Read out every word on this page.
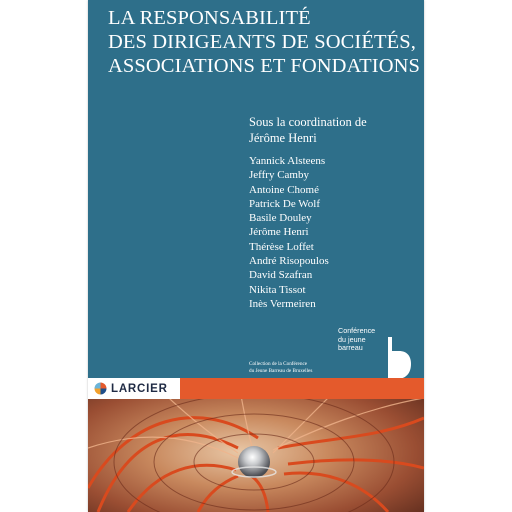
LA RESPONSABILITÉ
DES DIRIGEANTS DE SOCIÉTÉS,
ASSOCIATIONS ET FONDATIONS
Sous la coordination de
Jérôme Henri
Yannick Alsteens
Jeffry Camby
Antoine Chomé
Patrick De Wolf
Basile Douley
Jérôme Henri
Thérèse Loffet
André Risopoulos
David Szafran
Nikita Tissot
Inès Vermeiren
Collection de la Conférence
du Jeune Barreau de Bruxelles
Conférence
du jeune
barreau
LARCIER
